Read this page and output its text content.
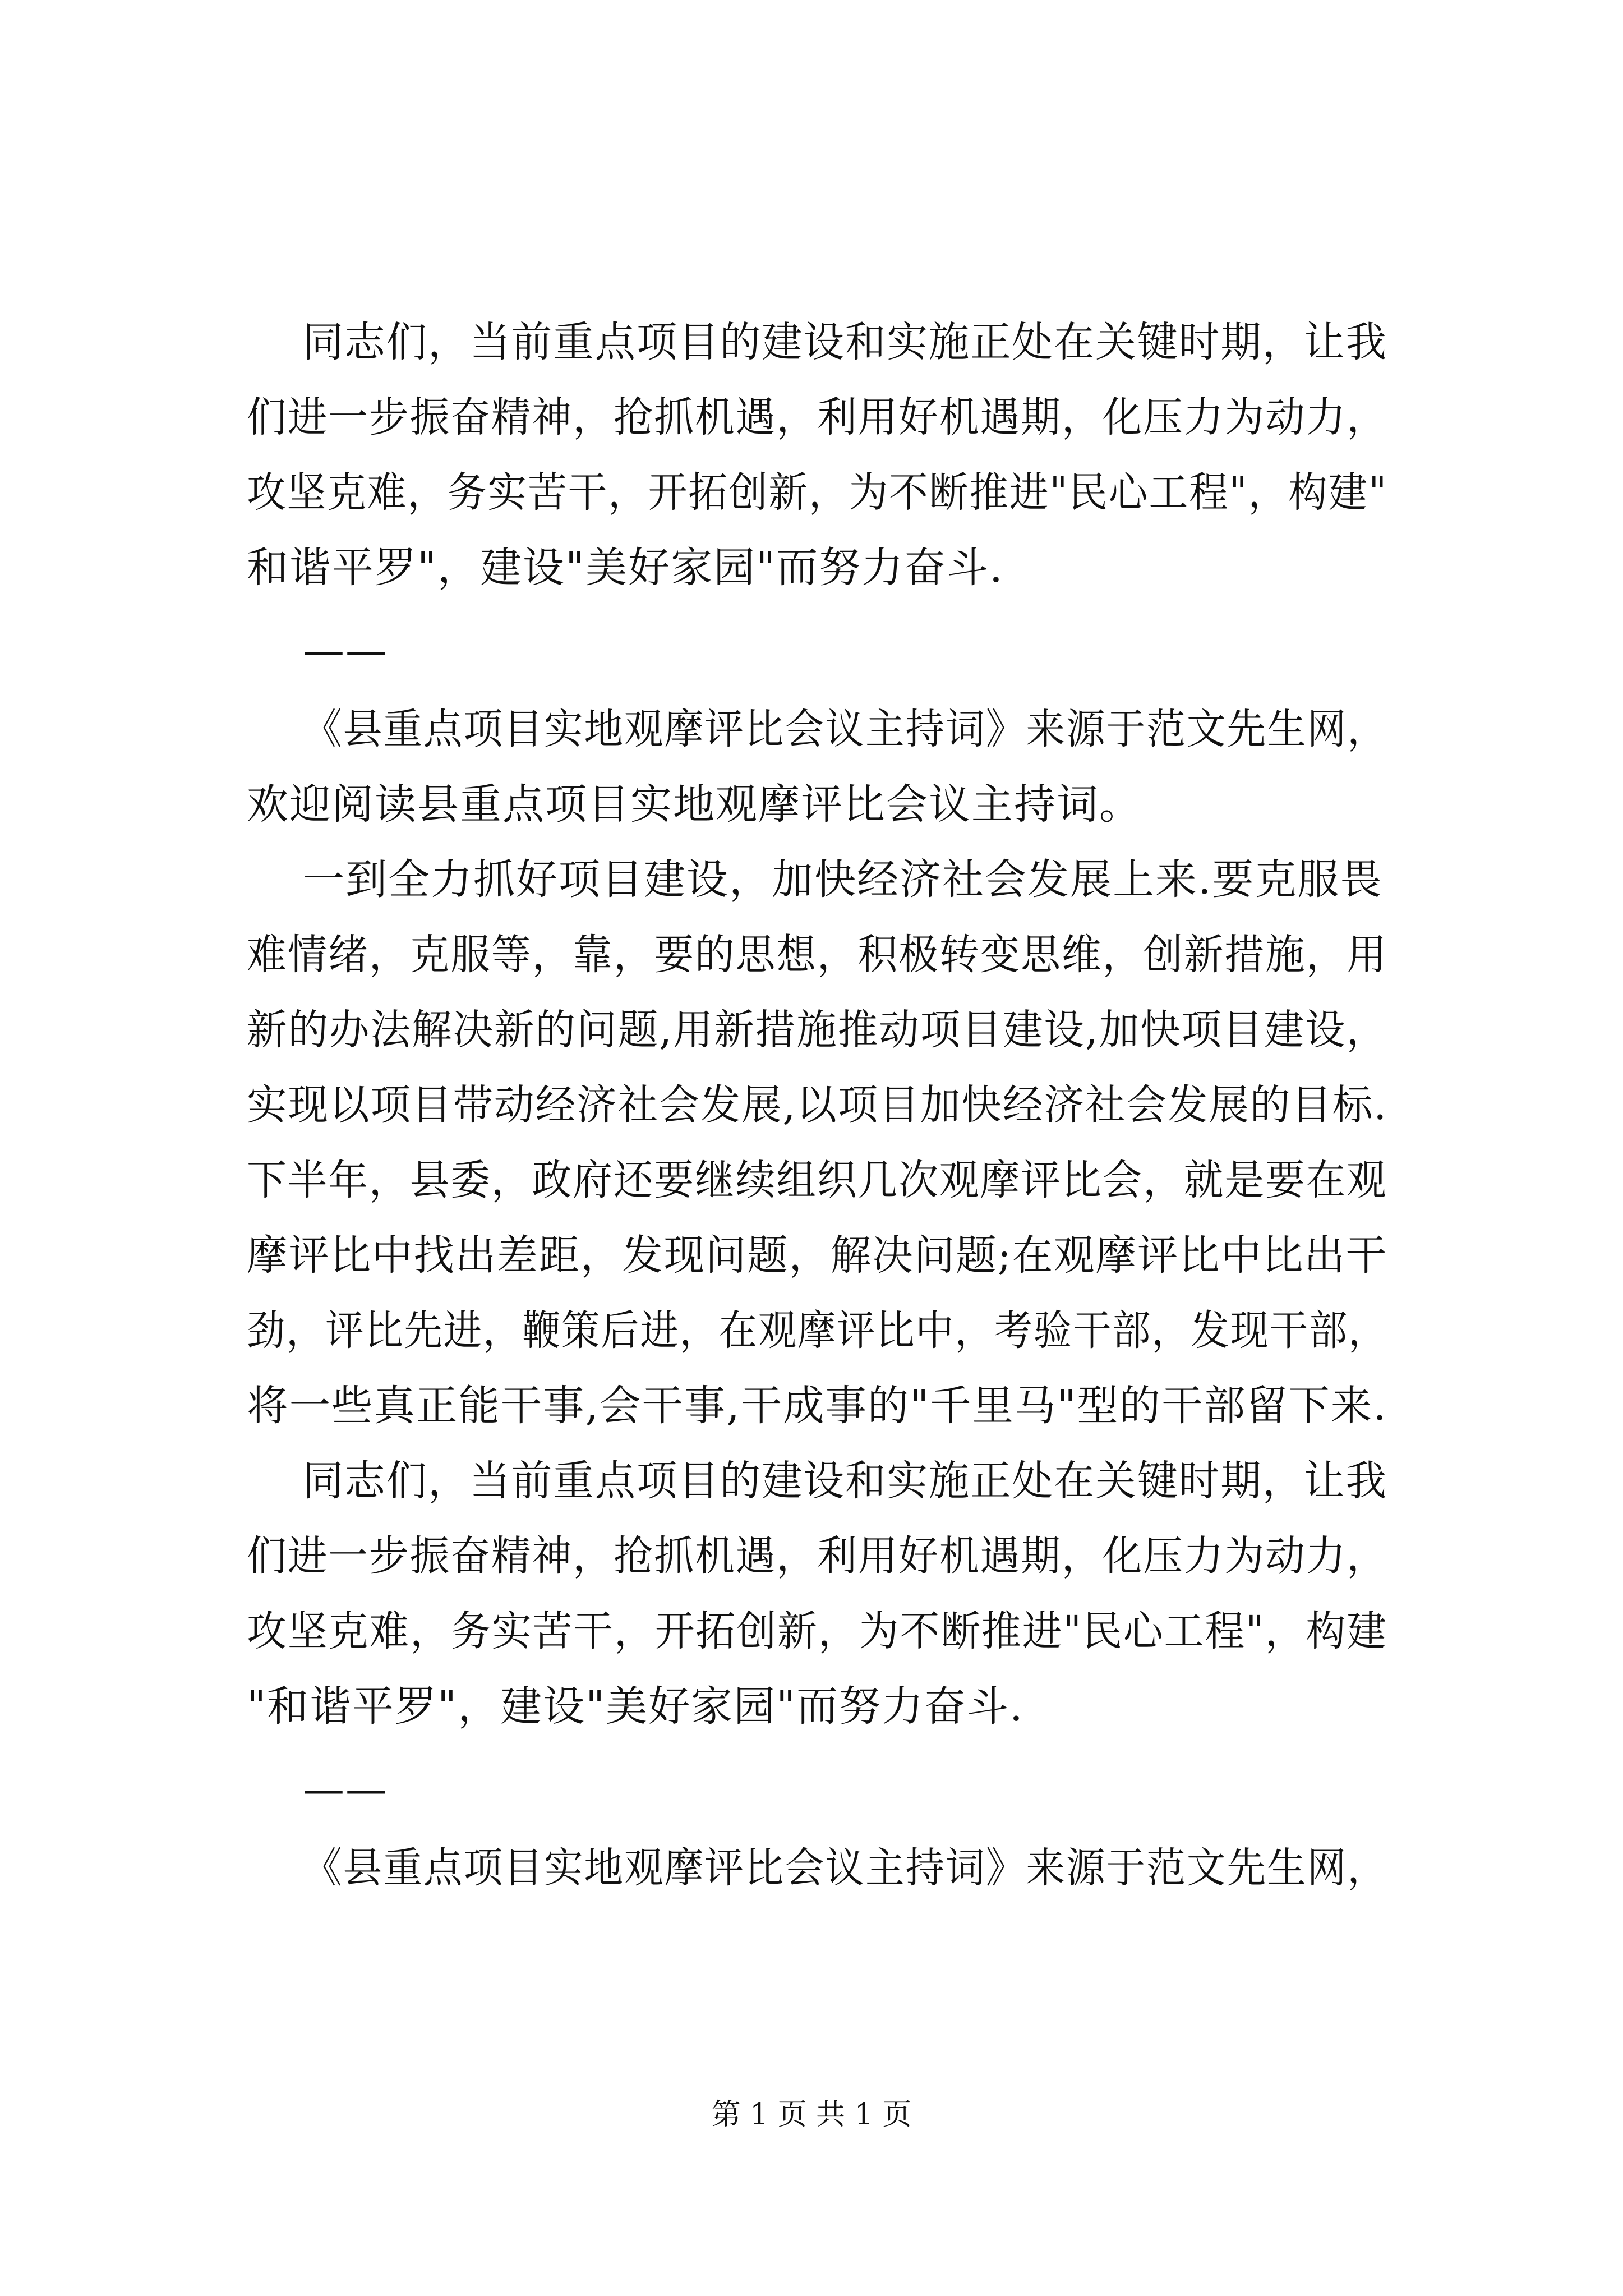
同志们，当前重点项目的建设和实施正处在关键时期，让我
们进一步振奋精神，抢抓机遇，利用好机遇期，化压力为动力，
攻坚克难，务实苦干，开拓创新，为不断推进"民心工程"，构建"
和谐平罗"，建设"美好家园"而努力奋斗.
——
《县重点项目实地观摩评比会议主持词》来源于范文先生网，
欢迎阅读县重点项目实地观摩评比会议主持词。
一到全力抓好项目建设，加快经济社会发展上来.要克服畏
难情绪，克服等，靠，要的思想，积极转变思维，创新措施，用
新的办法解决新的问题,用新措施推动项目建设,加快项目建设，
实现以项目带动经济社会发展,以项目加快经济社会发展的目标.
下半年，县委，政府还要继续组织几次观摩评比会，就是要在观
摩评比中找出差距，发现问题，解决问题;在观摩评比中比出干
劲，评比先进，鞭策后进，在观摩评比中，考验干部，发现干部，
将一些真正能干事,会干事,干成事的"千里马"型的干部留下来.
同志们，当前重点项目的建设和实施正处在关键时期，让我
们进一步振奋精神，抢抓机遇，利用好机遇期，化压力为动力，
攻坚克难，务实苦干，开拓创新，为不断推进"民心工程"，构建
"和谐平罗"，建设"美好家园"而努力奋斗.
——
《县重点项目实地观摩评比会议主持词》来源于范文先生网，
第 1 页 共 1 页
